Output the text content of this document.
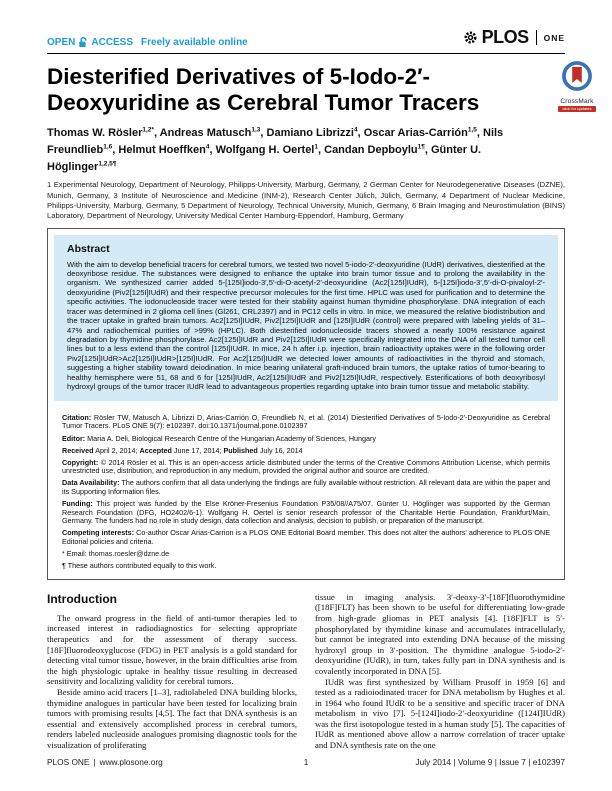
OPEN ACCESS Freely available online	PLOS ONE
Diesterified Derivatives of 5-Iodo-2′-Deoxyuridine as Cerebral Tumor Tracers
Thomas W. Rösler$^{1,2*}$ , Andreas Matusch$^{1,3}$ , Damiano Librizzi$^4$ , Oscar Arias-Carrión$^{1,5}$ , Nils Freundlieb$^{1,6}$ , Helmut Hoeffken$^4$ , Wolfgang H. Oertel$^1$ , Candan Depboylu$^{1\P}$ , Günter U. Höglinger$^{1,2,5\P}$

1 Experimental Neurology, Department of Neurology, Philipps-University, Marburg, Germany, 2 German Center for Neurodegenerative Diseases (DZNE), Munich, Germany, 3 Institute of Neuroscience and Medicine (INM-2), Research Center Jülich, Jülich, Germany, 4 Department of Nuclear Medicine, Philipps-University, Marburg, Germany, 5 Department of Neurology, Technical University, Munich, Germany, 6 Brain Imaging and Neurostimulation (BINS) Laboratory, Department of Neurology, University Medical Center Hamburg-Eppendorf, Hamburg, Germany

Abstract

With the aim to develop beneficial tracers for cerebral tumors, we tested two novel 5-iodo-2′-deoxyuridine (IUdR) derivatives, diesterified at the deoxyribose residue. The substances were designed to enhance the uptake into brain tumor tissue and to prolong the availability in the organism. We synthesized carrier added 5-[125I]iodo-3′,5′-di-O-acetyl-2′-deoxyuridine (Ac2[125I]IUdR), 5-[125I]iodo-3′,5′-di-O-pivaloyl-2′-deoxyuridine (Piv2[125I]IUdR) and their respective precursor molecules for the first time. HPLC was used for purification and to determine the specific activities. The iodonucleoside tracer were tested for their stability against human thymidine phosphorylase. DNA integration of each tracer was determined in 2 glioma cell lines (Gl261, CRL2397) and in PC12 cells in vitro. In mice, we measured the relative biodistribution and the tracer uptake in grafted brain tumors. Ac2[125I]IUdR, Piv2[125I]IUdR and [125I]IUdR (control) were prepared with labeling yields of 31–47% and radiochemical purities of >99% (HPLC). Both diesterified iodonucleoside tracers showed a nearly 100% resistance against degradation by thymidine phosphorylase. Ac2[125I]IUdR and Piv2[125I]IUdR were specifically integrated into the DNA of all tested tumor cell lines but to a less extend than the control [125I]IUdR. In mice, 24 h after i.p. injection, brain radioactivity uptakes were in the following order Piv2[125I]IUdR>Ac2[125I]IUdR>[125I]IUdR. For Ac2[125I]IUdR we detected lower amounts of radioactivities in the thyroid and stomach, suggesting a higher stability toward deiodination. In mice bearing unilateral graft-induced brain tumors, the uptake ratios of tumor-bearing to healthy hemisphere were 51, 68 and 6 for [125I]IUdR, Ac2[125I]IUdR and Piv2[125I]IUdR, respectively. Esterifications of both deoxyribosyl hydroxyl groups of the tumor tracer IUdR lead to advantageous properties regarding uptake into brain tumor tissue and metabolic stability.

Citation: Rösler TW, Matusch A, Librizzi D, Arias-Carrión O, Freundlieb N, et al. (2014) Diesterified Derivatives of 5-Iodo-2′-Deoxyuridine as Cerebral Tumor Tracers. PLoS ONE 9(7): e102397. doi:10.1371/journal.pone.0102397

Editor: Maria A. Deli, Biological Research Centre of the Hungarian Academy of Sciences, Hungary

Received April 2, 2014; Accepted June 17, 2014; Published July 16, 2014

Copyright: © 2014 Rösler et al. This is an open-access article distributed under the terms of the Creative Commons Attribution License, which permits unrestricted use, distribution, and reproduction in any medium, provided the original author and source are credited.

Data Availability: The authors confirm that all data underlying the findings are fully available without restriction. All relevant data are within the paper and its Supporting Information files.

Funding: This project was funded by the Else Kröner-Fresenius Foundation P35/08//A75/07. Günter U. Höglinger was supported by the German Research Foundation (DFG, HO2402/6-1). Wolfgang H. Oertel is senior research professor of the Charitable Hertie Foundation, Frankfurt/Main, Germany. The funders had no role in study design, data collection and analysis, decision to publish, or preparation of the manuscript.

Competing interests: Co-author Oscar Arias-Carrion is a PLOS ONE Editorial Board member. This does not alter the authors' adherence to PLOS ONE Editorial policies and criteria.

* Email: thomas.roesler@dzne.de

¶ These authors contributed equally to this work.

Introduction

The onward progress in the field of anti-tumor therapies led to increased interest in radiodiagnostics for selecting appropriate therapeutics and for the assessment of therapy success. [18F]fluorodeoxyglucose (FDG) in PET analysis is a gold standard for detecting vital tumor tissue, however, in the brain difficulties arise from the high physiologic uptake in healthy tissue resulting in decreased sensitivity and localizing validity for cerebral tumors.

Beside amino acid tracers [1–3], radiolabeled DNA building blocks, thymidine analogues in particular have been tested for localizing brain tumors with promising results [4,5]. The fact that DNA synthesis is an essential and extensively accomplished process in cerebral tumors, renders labeled nucleoside analogues promising diagnostic tools for the visualization of proliferating

tissue in imaging analysis. 3′-deoxy-3′-[18F]fluorothymidine ([18F]FLT) has been shown to be useful for differentiating low-grade from high-grade gliomas in PET analysis [4]. [18F]FLT is 5′-phosphorylated by thymidine kinase and accumulates intracellularly, but cannot be integrated into extending DNA because of the missing hydroxyl group in 3′-position. The thymidine analogue 5-iodo-2′-deoxyuridine (IUdR), in turn, takes fully part in DNA synthesis and is covalently incorporated in DNA [5].

IUdR was first synthesized by William Prusoff in 1959 [6] and tested as a radioiodinated tracer for DNA metabolism by Hughes et al. in 1964 who found IUdR to be a sensitive and specific tracer of DNA metabolism in vivo [7]. 5-[124I]iodo-2′-deoxyuridine ([124I]IUdR) was the first isotopologue tested in a human study [5]. The capacities of IUdR as mentioned above allow a narrow correlation of tracer uptake and DNA synthesis rate on the one

CrossMark
click for updates
PLOS ONE | www.plosone.org	1	July 2014 | Volume 9 | Issue 7 | e102397
